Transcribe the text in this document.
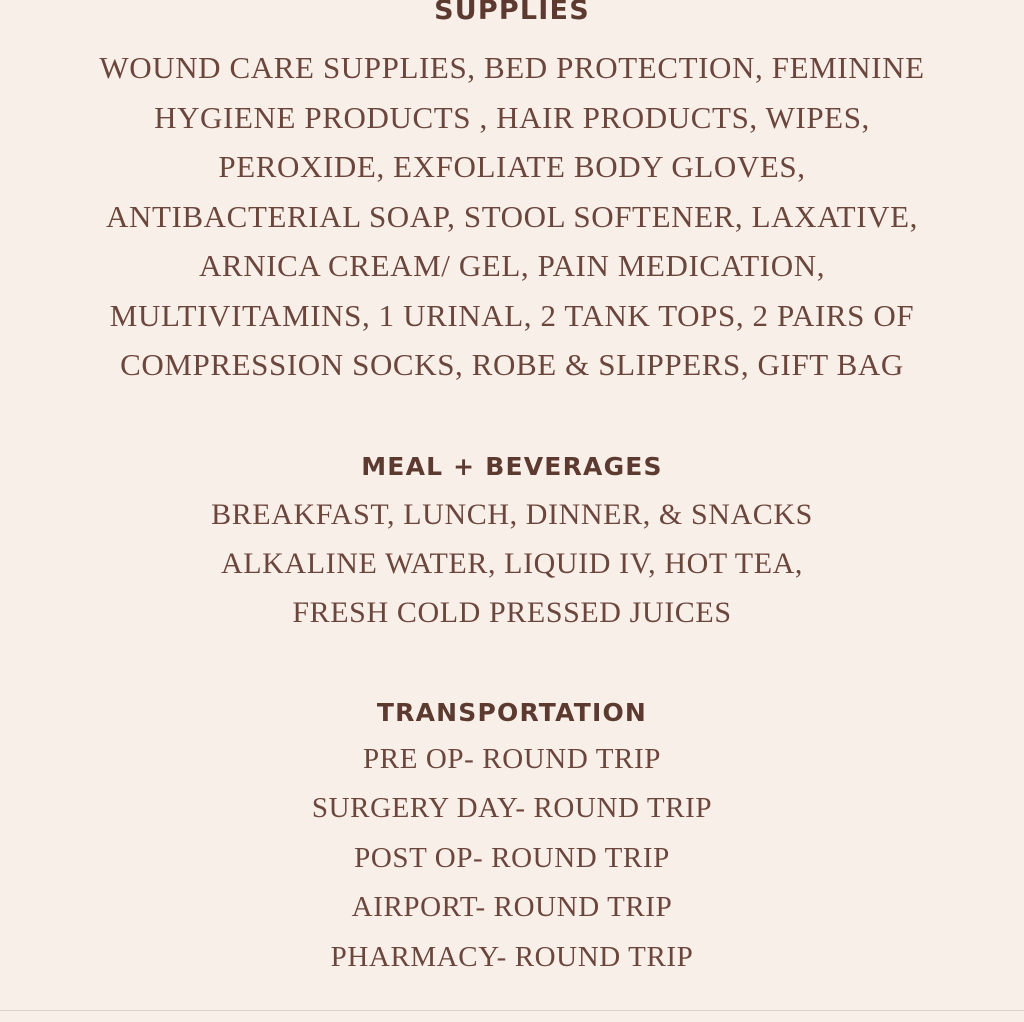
SUPPLIES
WOUND CARE SUPPLIES, BED PROTECTION, FEMININE HYGIENE PRODUCTS , HAIR PRODUCTS, WIPES, PEROXIDE, EXFOLIATE BODY GLOVES, ANTIBACTERIAL SOAP, STOOL SOFTENER, LAXATIVE, ARNICA CREAM/ GEL, PAIN MEDICATION, MULTIVITAMINS, 1 URINAL, 2 TANK TOPS, 2 PAIRS OF COMPRESSION SOCKS, ROBE & SLIPPERS, GIFT BAG
MEAL + BEVERAGES
BREAKFAST, LUNCH, DINNER, & SNACKS
ALKALINE WATER, LIQUID IV, HOT TEA,
FRESH COLD PRESSED JUICES
TRANSPORTATION
PRE OP- ROUND TRIP
SURGERY DAY- ROUND TRIP
POST OP- ROUND TRIP
AIRPORT- ROUND TRIP
PHARMACY- ROUND TRIP
